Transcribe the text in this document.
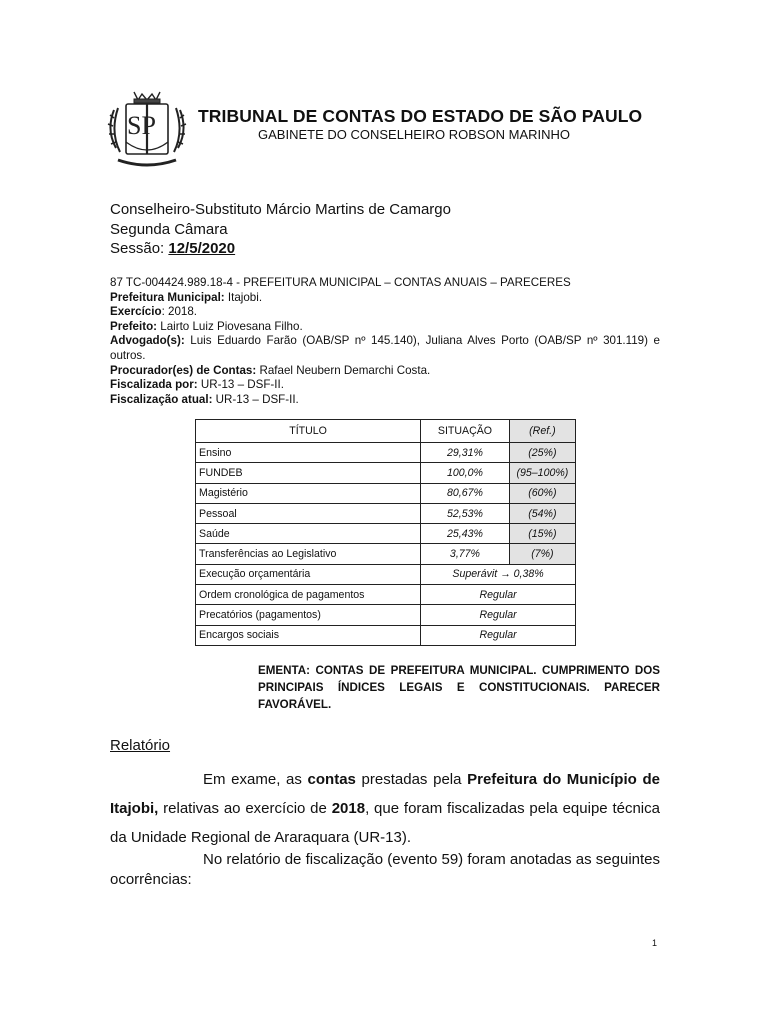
SP TRIBUNAL DE CONTAS DO ESTADO DE SÃO PAULO
GABINETE DO CONSELHEIRO ROBSON MARINHO
Conselheiro-Substituto Márcio Martins de Camargo
Segunda Câmara
Sessão: 12/5/2020

87 TC-004424.989.18-4 - PREFEITURA MUNICIPAL – CONTAS ANUAIS – PARECERES

Prefeitura Municipal: Itajobi.

Exercício: 2018.

Prefeito: Lairto Luiz Piovesana Filho.

Advogado(s): Luis Eduardo Farão (OAB/SP nº 145.140), Juliana Alves Porto (OAB/SP nº 301.119) e outros.

Procurador(es) de Contas: Rafael Neubern Demarchi Costa.

Fiscalizada por: UR-13 – DSF-II.

Fiscalização atual: UR-13 – DSF-II.

TÍTULO	SITUAÇÃO	(Ref.)
Ensino	29,31%	(25%)
FUNDEB	100,0%	(95–100%)
Magistério	80,67%	(60%)
Pessoal	52,53%	(54%)
Saúde	25,43%	(15%)
Transferências ao Legislativo	3,77%	(7%)
Execução orçamentária	Superávit → 0,38%	
Ordem cronológica de pagamentos	Regular	
Precatórios (pagamentos)	Regular	
Encargos sociais	Regular	
EMENTA: CONTAS DE PREFEITURA MUNICIPAL. CUMPRIMENTO DOS PRINCIPAIS ÍNDICES LEGAIS E CONSTITUCIONAIS. PARECER FAVORÁVEL.
Relatório
Em exame, as contas prestadas pela Prefeitura do Município de Itajobi, relativas ao exercício de 2018, que foram fiscalizadas pela equipe técnica da Unidade Regional de Araraquara (UR-13).
No relatório de fiscalização (evento 59) foram anotadas as seguintes ocorrências:
1
